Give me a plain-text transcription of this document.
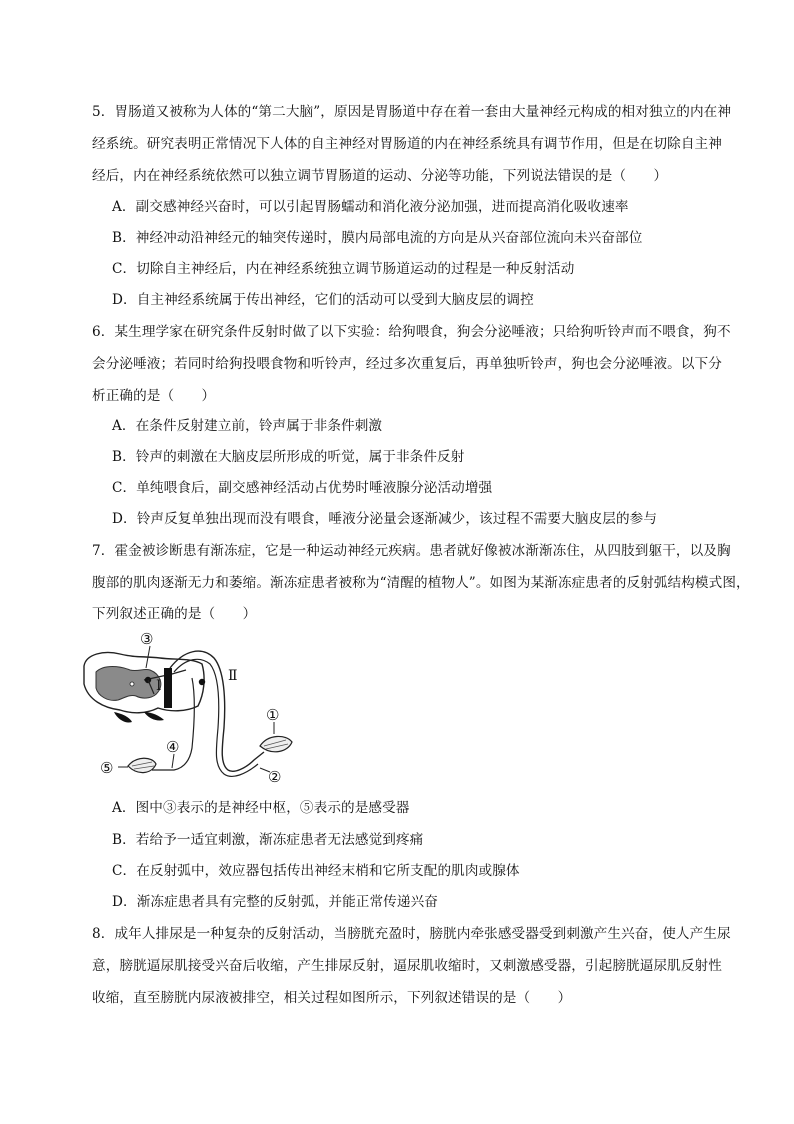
5．胃肠道又被称为人体的“第二大脑”，原因是胃肠道中存在着一套由大量神经元构成的相对独立的内在神
经系统。研究表明正常情况下人体的自主神经对胃肠道的内在神经系统具有调节作用，但是在切除自主神
经后，内在神经系统依然可以独立调节胃肠道的运动、分泌等功能，下列说法错误的是（　　）
A．副交感神经兴奋时，可以引起胃肠蠕动和消化液分泌加强，进而提高消化吸收速率
B．神经冲动沿神经元的轴突传递时，膜内局部电流的方向是从兴奋部位流向未兴奋部位
C．切除自主神经后，内在神经系统独立调节肠道运动的过程是一种反射活动
D．自主神经系统属于传出神经，它们的活动可以受到大脑皮层的调控
6．某生理学家在研究条件反射时做了以下实验：给狗喂食，狗会分泌唾液；只给狗听铃声而不喂食，狗不
会分泌唾液；若同时给狗投喂食物和听铃声，经过多次重复后，再单独听铃声，狗也会分泌唾液。以下分
析正确的是（　　）
A．在条件反射建立前，铃声属于非条件刺激
B．铃声的刺激在大脑皮层所形成的听觉，属于非条件反射
C．单纯喂食后，副交感神经活动占优势时唾液腺分泌活动增强
D．铃声反复单独出现而没有喂食，唾液分泌量会逐渐减少，该过程不需要大脑皮层的参与
7．霍金被诊断患有渐冻症，它是一种运动神经元疾病。患者就好像被冰渐渐冻住，从四肢到躯干，以及胸
腹部的肌肉逐渐无力和萎缩。渐冻症患者被称为“清醒的植物人”。如图为某渐冻症患者的反射弧结构模式图，
下列叙述正确的是（　　）
③
Ⅰ
Ⅱ
①
④
⑤	②
A．图中③表示的是神经中枢，⑤表示的是感受器
B．若给予一适宜刺激，渐冻症患者无法感觉到疼痛
C．在反射弧中，效应器包括传出神经末梢和它所支配的肌肉或腺体
D．渐冻症患者具有完整的反射弧，并能正常传递兴奋
8．成年人排尿是一种复杂的反射活动，当膀胱充盈时，膀胱内牵张感受器受到刺激产生兴奋，使人产生尿
意，膀胱逼尿肌接受兴奋后收缩，产生排尿反射，逼尿肌收缩时，又刺激感受器，引起膀胱逼尿肌反射性
收缩，直至膀胱内尿液被排空，相关过程如图所示，下列叙述错误的是（　　）
